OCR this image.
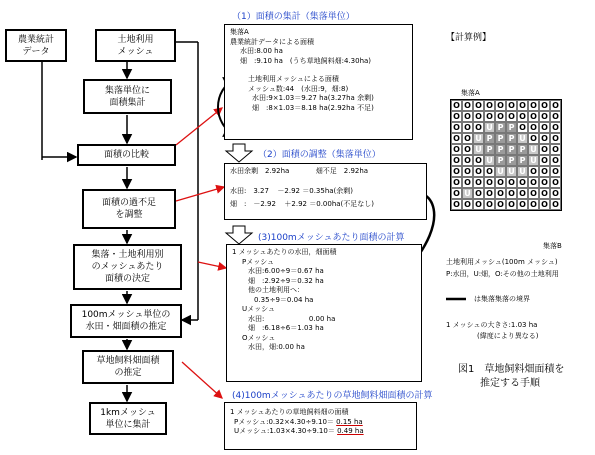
農業統計
データ
土地利用
メッシュ
集落単位に
面積集計
面積の比較
面積の過不足
を調整
集落・土地利用別
のメッシュあたり
面積の決定
100mメッシュ単位の
水田・畑面積の推定
草地飼料畑面積
の推定
1kmメッシュ
単位に集計
（1）面積の集計（集落単位）
（2）面積の調整（集落単位）
(3)100mメッシュあたり面積の計算
(4)100mメッシュあたりの草地飼料畑面積の計算
集落A
農業統計データによる面積
水田:8.00 ha
畑　:9.10 ha　(うち草地飼料畑:4.30ha)
土地利用メッシュによる面積
メッシュ数:44　(水田:9，畑:8)
水田:9×1.03＝9.27 ha(3.27ha 余剰)
畑　:8×1.03＝8.18 ha(2.92ha 不足)
水田余剰　2.92ha	畑不足　2.92ha
水田:　3.27 －2.92 ＝0.35ha(余剰)
畑　:　－2.92 ＋2.92 ＝0.00ha(不足なし)
1 メッシュあたりの水田，畑面積
Pメッシュ
水田:6.00÷9＝0.67 ha
畑　:2.92÷9＝0.32 ha
他の土地利用へ：
0.35÷9＝0.04 ha
Uメッシュ
水田:	0.00 ha
畑　:6.18÷6＝1.03 ha
Oメッシュ
水田，畑:0.00 ha
1 メッシュあたりの草地飼料畑の面積
Pメッシュ:0.32×4.30÷9.10＝ 0.15 ha
Uメッシュ:1.03×4.30÷9.10＝ 0.49 ha
【計算例】
集落A
O O O O O O O O O O
O O O O O O O O O O
O O O U P P O O O O
O O U P P P U O O O
O O U P P P P U O O
O O O U P P P U O O
O O O O U U U O O O
O O O O O O O O O O
O U O O O O O O O O
O O O O O O O O O O
集落B
土地利用メッシュ(100m メッシュ)
P:水田，U:畑，O:その他の土地利用
は集落集落の境界
1 メッシュの大きさ:1.03 ha
(緯度により異なる)
図1　草地飼料畑面積を
推定する手順
